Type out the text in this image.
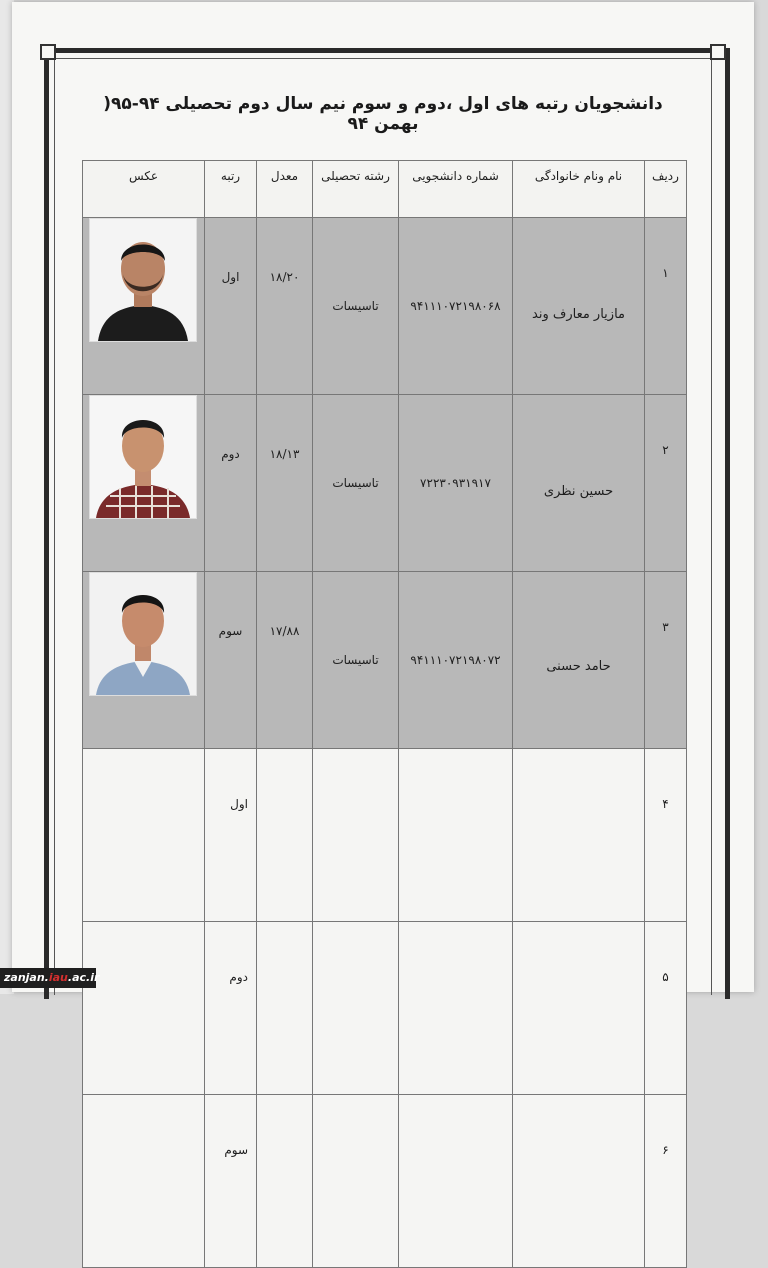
دانشجویان رتبه های اول ،دوم و سوم نیم سال دوم تحصیلی ۹۴-۹۵( بهمن ۹۴
ردیف	نام ونام خانوادگی	شماره دانشجویی	رشته تحصیلی	معدل	رتبه	عکس
۱	مازیار معارف وند	۹۴۱۱۱۰۷۲۱۹۸۰۶۸	تاسیسات	۱۸/۲۰	اول	

۲	حسین نظری	۷۲۲۳۰۹۳۱۹۱۷	تاسیسات	۱۸/۱۳	دوم	

۳	حامد حسنی	۹۴۱۱۱۰۷۲۱۹۸۰۷۲	تاسیسات	۱۷/۸۸	سوم	

۴					اول	
۵					دوم	
۶					سوم	
zanjan.iau.ac.ir
